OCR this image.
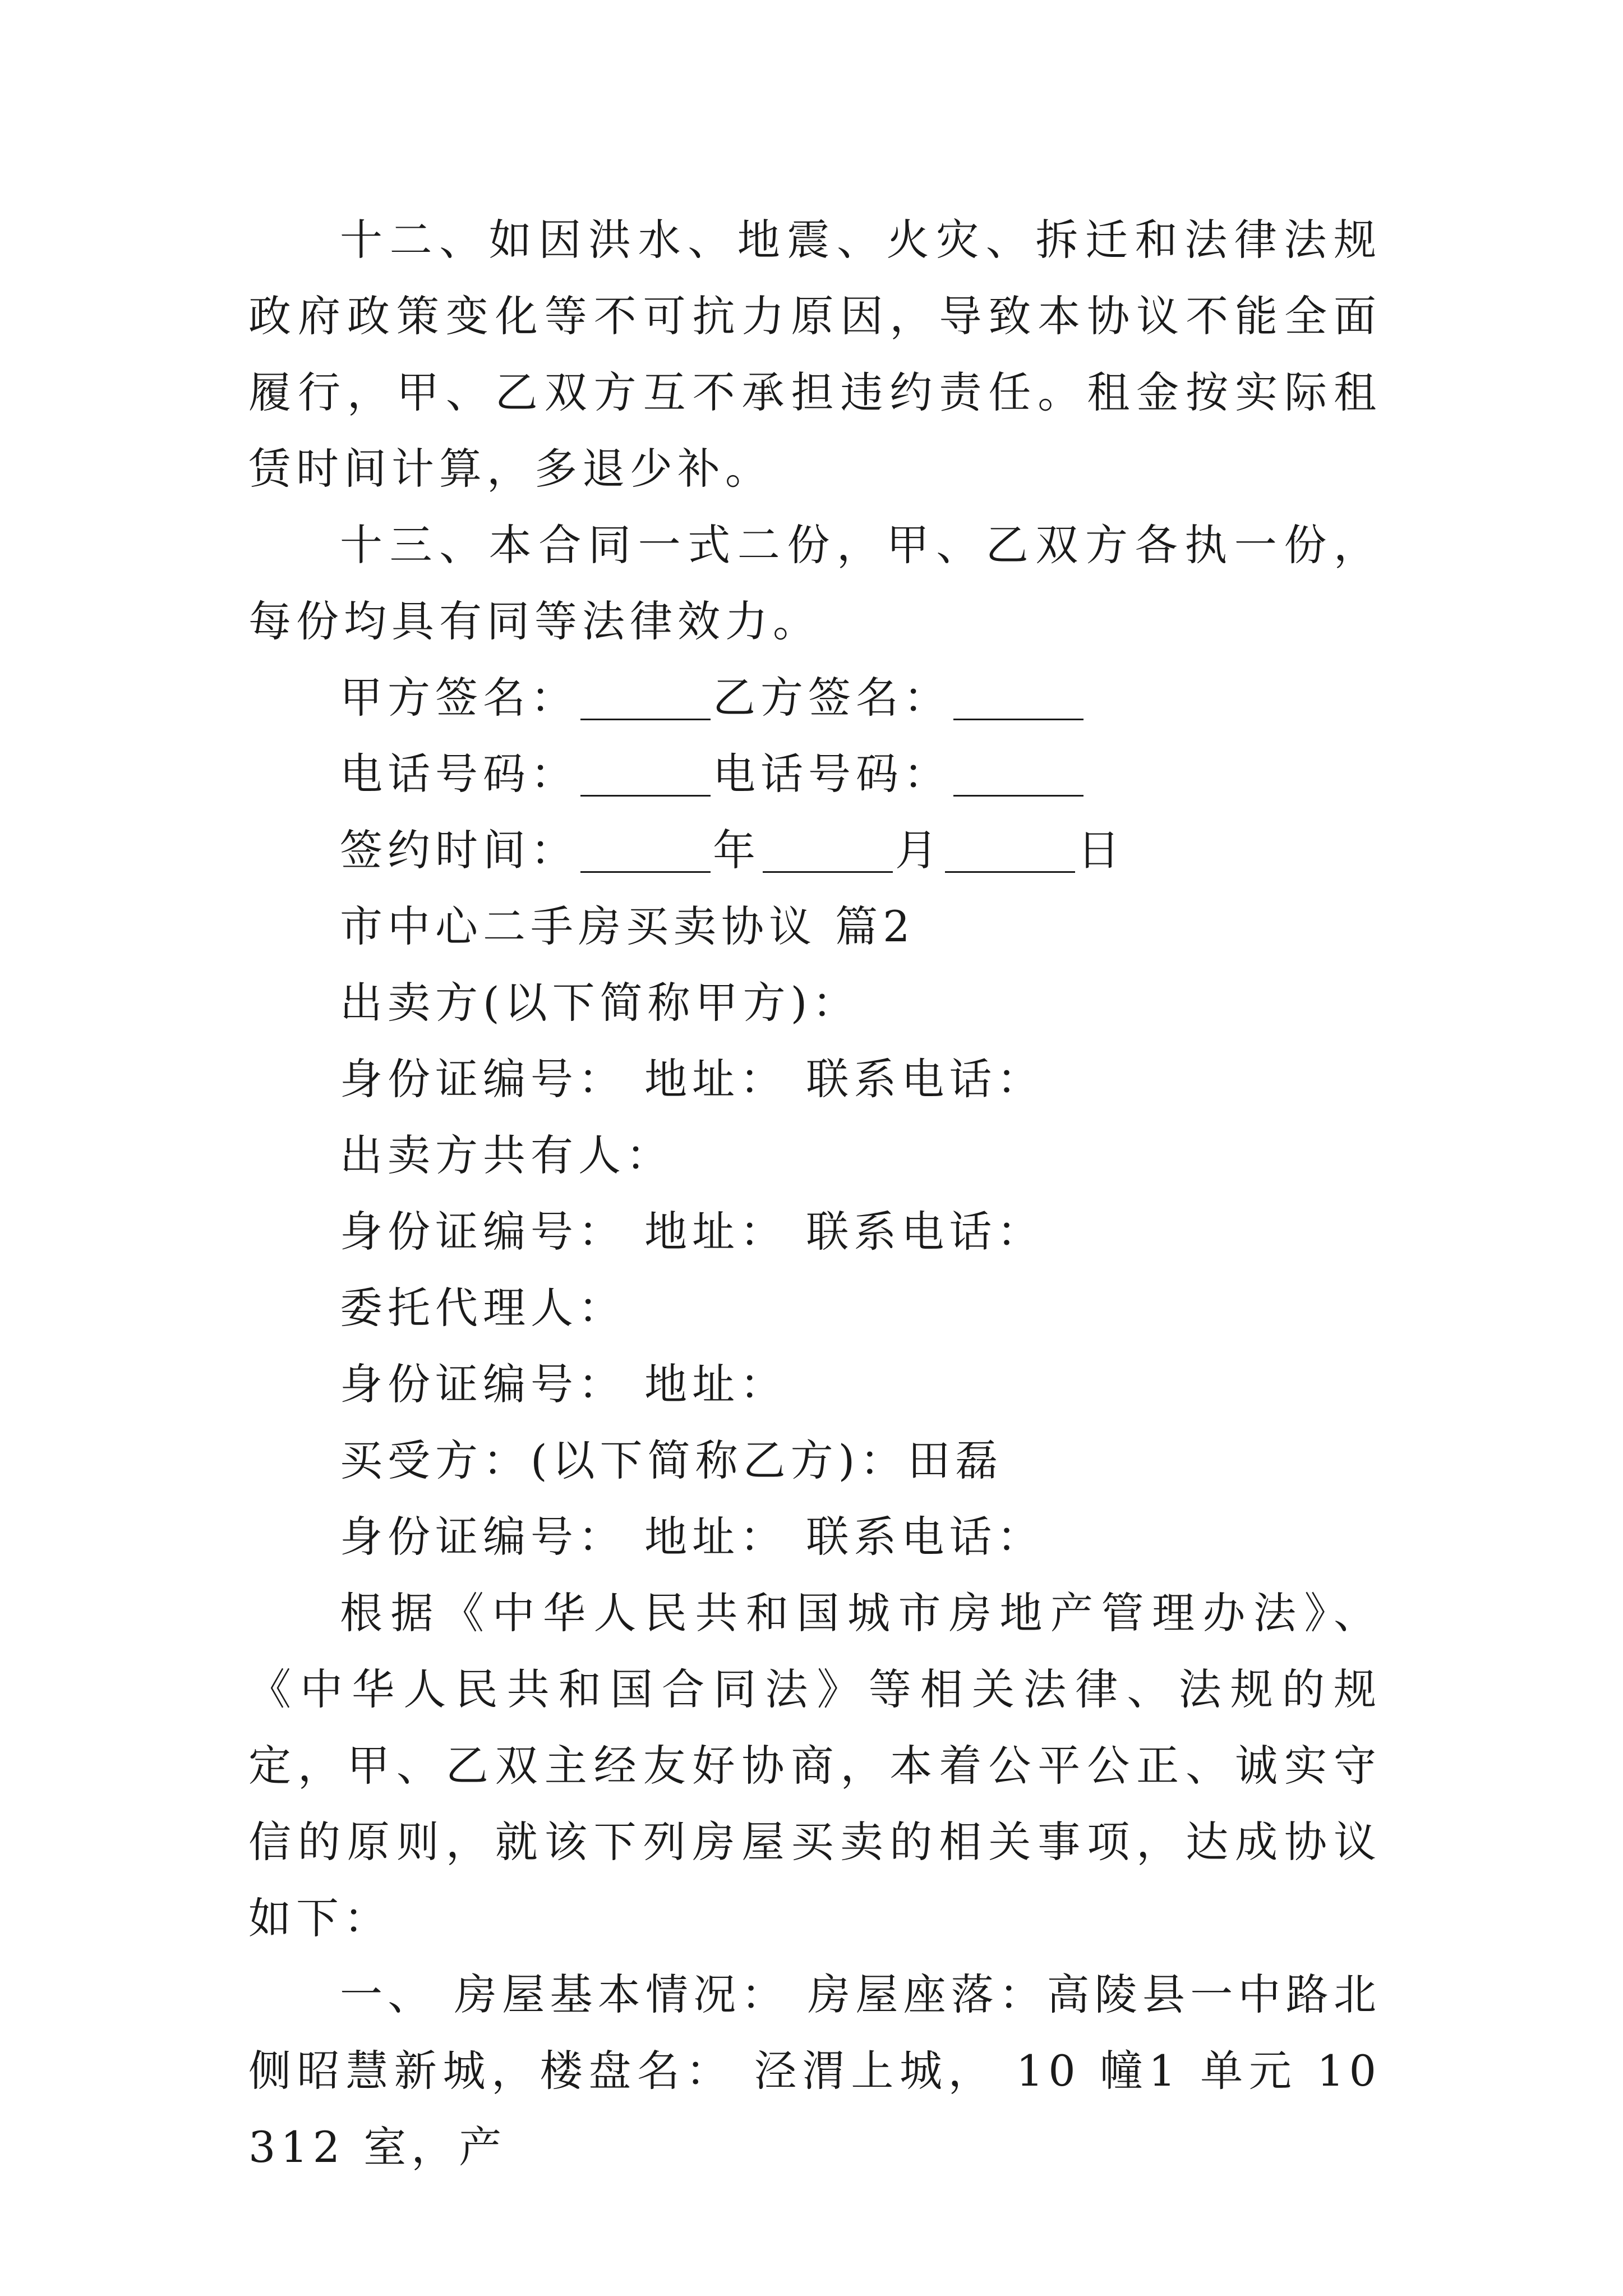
十二、如因洪水、地震、火灾、拆迁和法律法规政府政策变化等不可抗力原因，导致本协议不能全面履行，甲、乙双方互不承担违约责任。租金按实际租赁时间计算，多退少补。

十三、本合同一式二份，甲、乙双方各执一份，每份均具有同等法律效力。

甲方签名：	乙方签名：
电话号码：	电话号码：
签约时间：	年	月	日
市中心二手房买卖协议 篇2
出卖方(以下简称甲方)：
身份证编号： 地址： 联系电话：
出卖方共有人：
身份证编号： 地址： 联系电话：
委托代理人：
身份证编号： 地址：
买受方：(以下简称乙方)：田磊
身份证编号： 地址： 联系电话：

根据《中华人民共和国城市房地产管理办法》、《中华人民共和国合同法》等相关法律、法规的规定，甲、乙双主经友好协商，本着公平公正、诚实守信的原则，就该下列房屋买卖的相关事项，达成协议如下：

一、 房屋基本情况： 房屋座落：高陵县一中路北侧昭慧新城，楼盘名： 泾渭上城， 10 幢1 单元 10312 室，产
